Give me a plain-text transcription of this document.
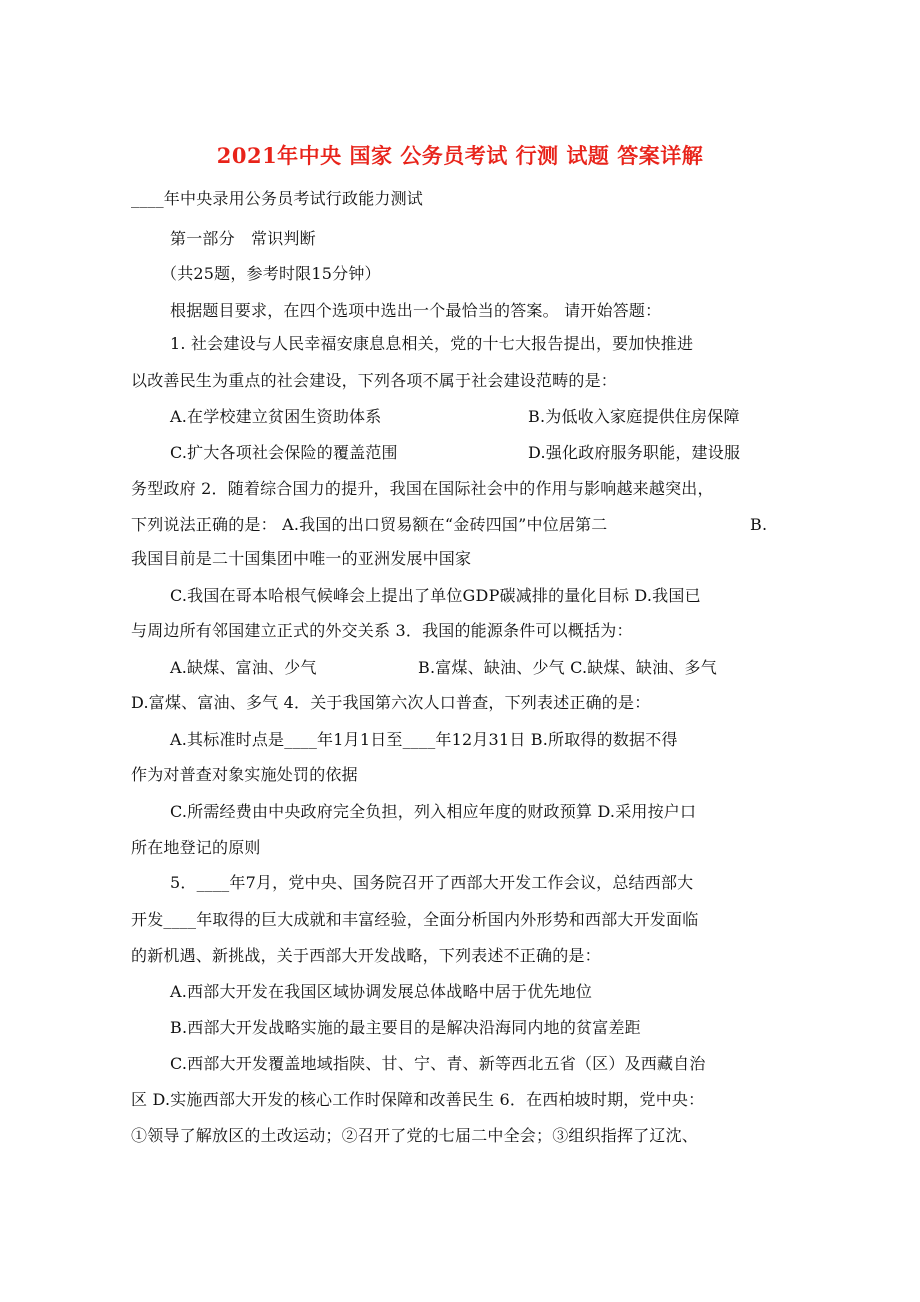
2021年中央 国家 公务员考试 行测 试题 答案详解
____年中央录用公务员考试行政能力测试
第一部分　常识判断
（共25题，参考时限15分钟）
根据题目要求，在四个选项中选出一个最恰当的答案。 请开始答题：
1. 社会建设与人民幸福安康息息相关，党的十七大报告提出，要加快推进
以改善民生为重点的社会建设，下列各项不属于社会建设范畴的是：
A.在学校建立贫困生资助体系	B.为低收入家庭提供住房保障
C.扩大各项社会保险的覆盖范围	D.强化政府服务职能，建设服
务型政府 2．随着综合国力的提升，我国在国际社会中的作用与影响越来越突出，
下列说法正确的是： A.我国的出口贸易额在“金砖四国”中位居第二	B.
我国目前是二十国集团中唯一的亚洲发展中国家
C.我国在哥本哈根气候峰会上提出了单位GDP碳减排的量化目标 D.我国已
与周边所有邻国建立正式的外交关系 3．我国的能源条件可以概括为：
A.缺煤、富油、少气	B.富煤、缺油、少气 C.缺煤、缺油、多气
D.富煤、富油、多气 4．关于我国第六次人口普查，下列表述正确的是：
A.其标准时点是____年1月1日至____年12月31日 B.所取得的数据不得
作为对普查对象实施处罚的依据
C.所需经费由中央政府完全负担，列入相应年度的财政预算 D.采用按户口
所在地登记的原则
5．____年7月，党中央、国务院召开了西部大开发工作会议，总结西部大
开发____年取得的巨大成就和丰富经验，全面分析国内外形势和西部大开发面临
的新机遇、新挑战，关于西部大开发战略，下列表述不正确的是：
A.西部大开发在我国区域协调发展总体战略中居于优先地位
B.西部大开发战略实施的最主要目的是解决沿海同内地的贫富差距
C.西部大开发覆盖地域指陕、甘、宁、青、新等西北五省（区）及西藏自治
区 D.实施西部大开发的核心工作时保障和改善民生 6．在西柏坡时期，党中央：
①领导了解放区的土改运动；②召开了党的七届二中全会；③组织指挥了辽沈、
